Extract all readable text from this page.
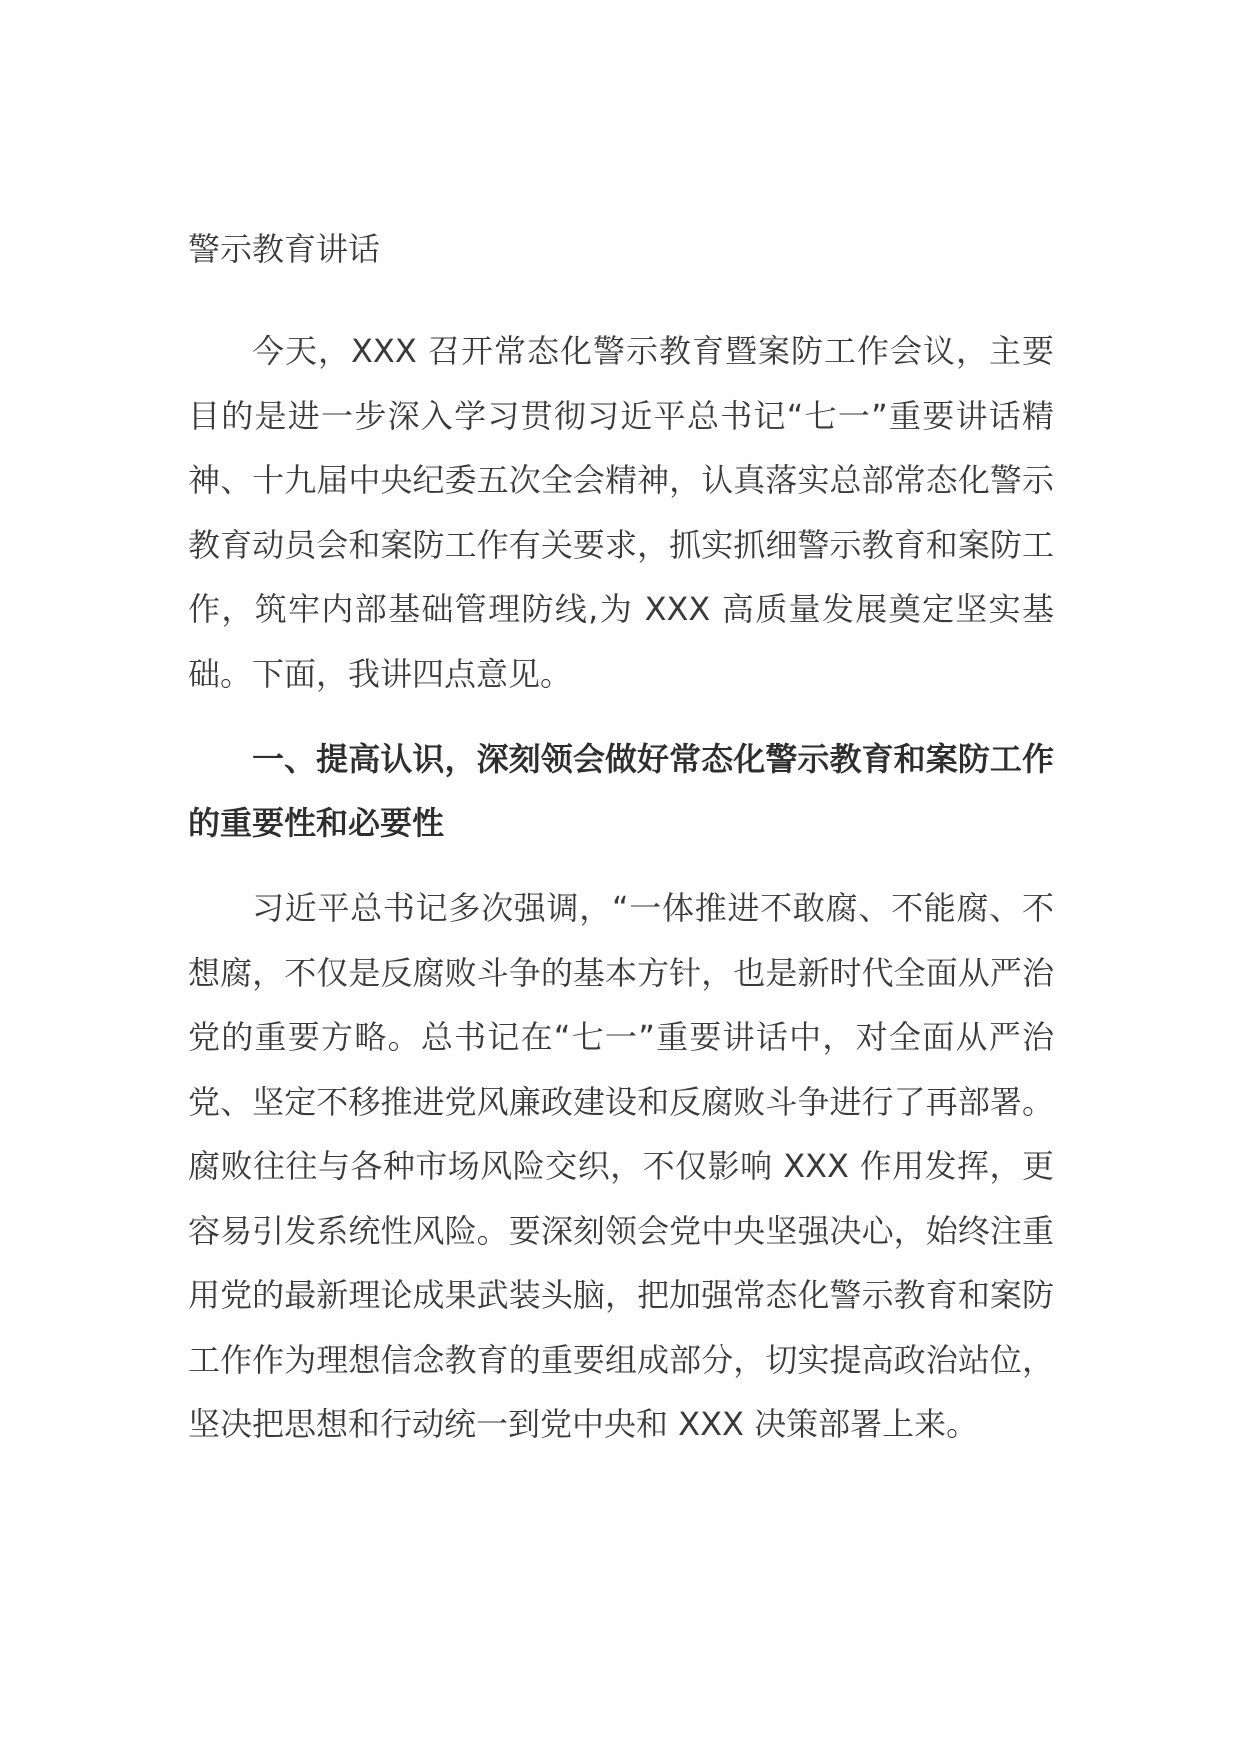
警示教育讲话

今天，XXX 召开常态化警示教育暨案防工作会议，主要目的是进一步深入学习贯彻习近平总书记“七一”重要讲话精神、十九届中央纪委五次全会精神，认真落实总部常态化警示教育动员会和案防工作有关要求，抓实抓细警示教育和案防工作，筑牢内部基础管理防线,为 XXX 高质量发展奠定坚实基础。下面，我讲四点意见。

一、提高认识，深刻领会做好常态化警示教育和案防工作的重要性和必要性

习近平总书记多次强调，“一体推进不敢腐、不能腐、不想腐，不仅是反腐败斗争的基本方针，也是新时代全面从严治党的重要方略。总书记在“七一”重要讲话中，对全面从严治党、坚定不移推进党风廉政建设和反腐败斗争进行了再部署。腐败往往与各种市场风险交织，不仅影响 XXX 作用发挥，更容易引发系统性风险。要深刻领会党中央坚强决心，始终注重用党的最新理论成果武装头脑，把加强常态化警示教育和案防工作作为理想信念教育的重要组成部分，切实提高政治站位，坚决把思想和行动统一到党中央和 XXX 决策部署上来。
